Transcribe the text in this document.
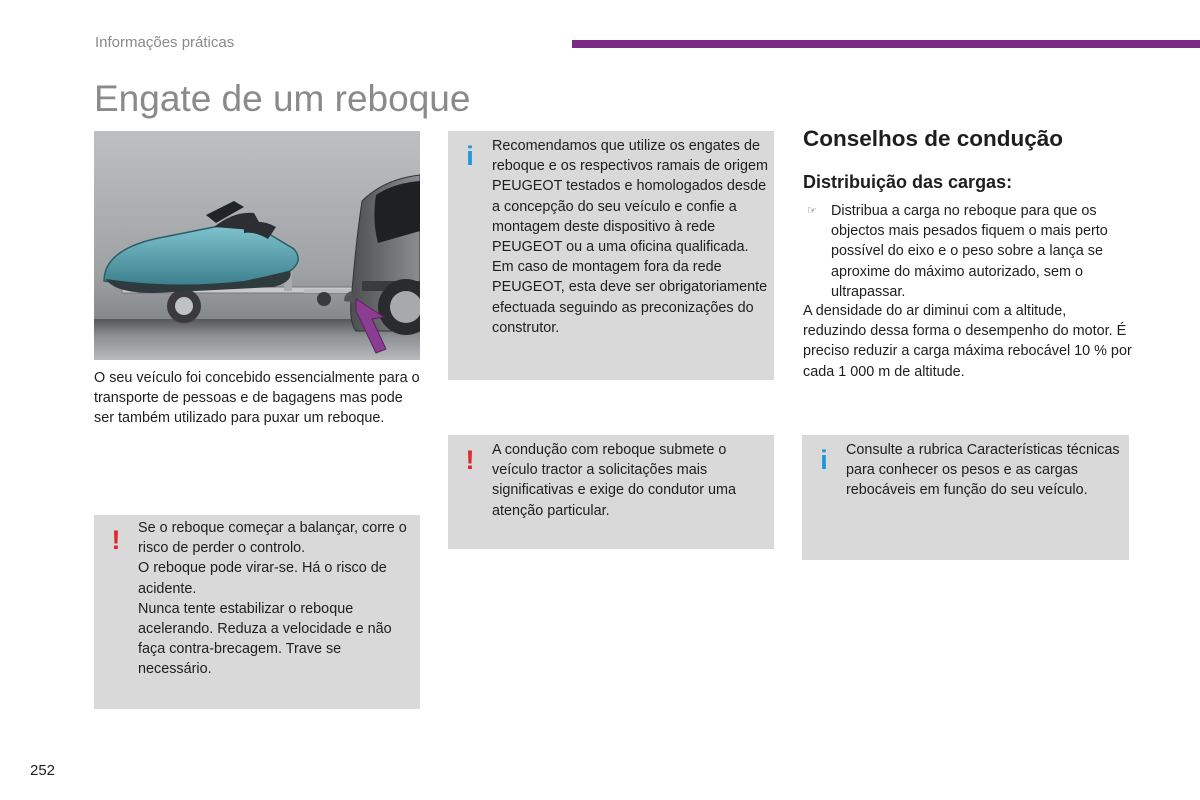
Informações práticas
Engate de um reboque
O seu veículo foi concebido essencialmente para o transporte de pessoas e de bagagens mas pode ser também utilizado para puxar um reboque.
! Se o reboque começar a balançar, corre o risco de perder o controlo.
O reboque pode virar-se. Há o risco de acidente.
Nunca tente estabilizar o reboque acelerando. Reduza a velocidade e não faça contra-brecagem. Trave se necessário.
i Recomendamos que utilize os engates de reboque e os respectivos ramais de origem PEUGEOT testados e homologados desde a concepção do seu veículo e confie a montagem deste dispositivo à rede PEUGEOT ou a uma oficina qualificada.
Em caso de montagem fora da rede PEUGEOT, esta deve ser obrigatoriamente efectuada seguindo as preconizações do construtor.
! A condução com reboque submete o veículo tractor a solicitações mais significativas e exige do condutor uma atenção particular.
Conselhos de condução
Distribuição das cargas:
☞ Distribua a carga no reboque para que os objectos mais pesados fiquem o mais perto possível do eixo e o peso sobre a lança se aproxime do máximo autorizado, sem o ultrapassar.
A densidade do ar diminui com a altitude, reduzindo dessa forma o desempenho do motor. É preciso reduzir a carga máxima rebocável 10 % por cada 1 000 m de altitude.
i Consulte a rubrica Características técnicas para conhecer os pesos e as cargas rebocáveis em função do seu veículo.
252
